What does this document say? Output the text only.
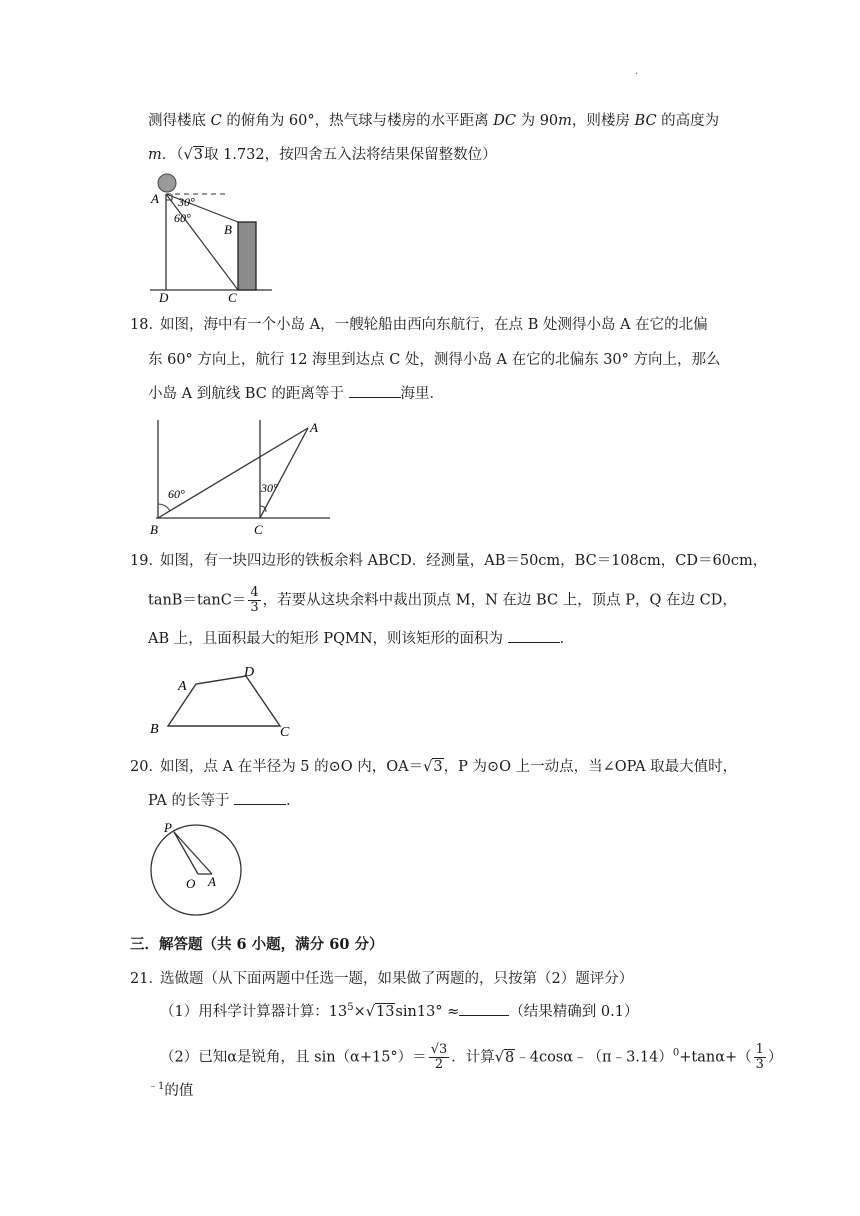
.
测得楼底 C 的俯角为 60°，热气球与楼房的水平距离 DC 为 90m，则楼房 BC 的高度为
m．（√3取 1.732，按四舍五入法将结果保留整数位）
A 30°
60°
B
D	C
18．
如图，海中有一个小岛 A，一艘轮船由西向东航行，在点 B 处测得小岛 A 在它的北偏
东 60° 方向上，航行 12 海里到达点 C 处，测得小岛 A 在它的北偏东 30° 方向上，那么
小岛 A 到航线 BC 的距离等于	海里．
A
60°	30°
B	C
19．
如图，有一块四边形的铁板余料 ABCD．经测量，AB＝50cm，BC＝108cm，CD＝60cm，
$\tan B=\tan C= \frac{4}{3}$ ，若要从这块余料中裁出顶点 M，N 在边 BC 上，顶点 P，Q 在边 CD，
AB 上，且面积最大的矩形 PQMN，则该矩形的面积为	．
A
D
B	C
20．
如图，点 A 在半径为 5 的⊙O 内，OA＝√3，P 为⊙O 上一动点，当∠OPA 取最大值时，
PA 的长等于	．
P
O A
三．解答题（共 6 小题，满分 60 分）
21．
选做题（从下面两题中任选一题，如果做了两题的，只按第（2）题评分）
（1）用科学计算器计算：$13^5\times√13\sin 13^\circ$ ≈	（结果精确到 0.1）
（2）已知α是锐角，且 $\sin(\alpha+15^\circ)= \frac{√3}{2}$ ．计算√8﹣4cosα﹣（π﹣3.14）$^0$+tanα+（ $\frac{1}{3}$ ）
$^{﹣1}$的值
